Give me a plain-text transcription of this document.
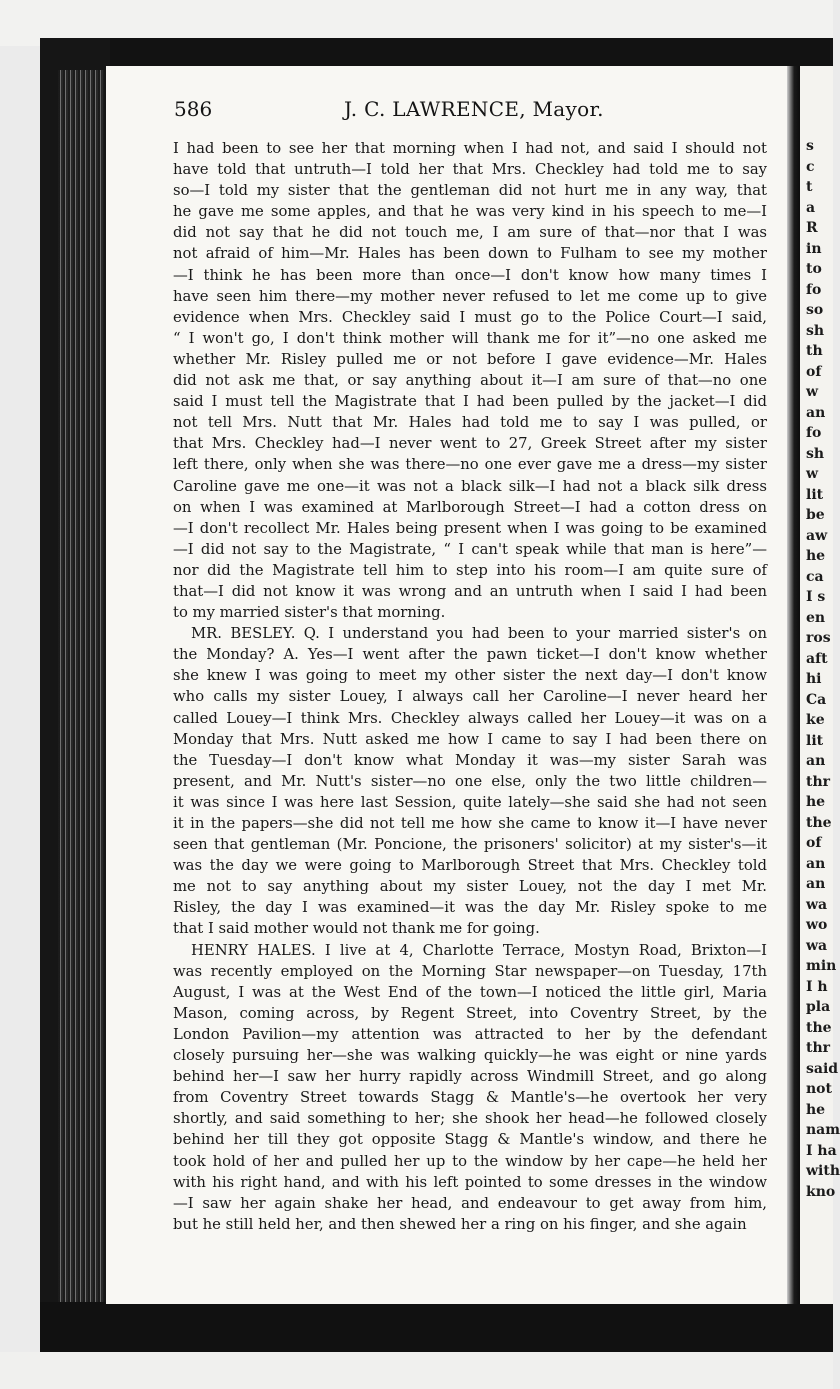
s
c
t
a
R
in
to
fo
so
sh
th
of
w
an
fo
sh
w
lit
be
aw
he
ca
I s
en
ros
aft
hi
Ca
ke
lit
an
thr
he
the
of
an
an
wa
wo
wa
min
I h
pla
the
thr
said
not
he
nam
I ha
with
kno
586	J. C. LAWRENCE, Mayor.
I had been to see her that morning when I had not, and said I should not
have told that untruth—I told her that Mrs. Checkley had told me to say
so—I told my sister that the gentleman did not hurt me in any way, that
he gave me some apples, and that he was very kind in his speech to me—I
did not say that he did not touch me, I am sure of that—nor that I was
not afraid of him—Mr. Hales has been down to Fulham to see my mother
—I think he has been more than once—I don't know how many times I
have seen him there—my mother never refused to let me come up to give
evidence when Mrs. Checkley said I must go to the Police Court—I said,
“ I won't go, I don't think mother will thank me for it”—no one asked me
whether Mr. Risley pulled me or not before I gave evidence—Mr. Hales
did not ask me that, or say anything about it—I am sure of that—no one
said I must tell the Magistrate that I had been pulled by the jacket—I did
not tell Mrs. Nutt that Mr. Hales had told me to say I was pulled, or
that Mrs. Checkley had—I never went to 27, Greek Street after my sister
left there, only when she was there—no one ever gave me a dress—my sister
Caroline gave me one—it was not a black silk—I had not a black silk dress
on when I was examined at Marlborough Street—I had a cotton dress on
—I don't recollect Mr. Hales being present when I was going to be examined
—I did not say to the Magistrate, “ I can't speak while that man is here”—
nor did the Magistrate tell him to step into his room—I am quite sure of
that—I did not know it was wrong and an untruth when I said I had been
to my married sister's that morning.
MR. BESLEY. Q. I understand you had been to your married sister's on
the Monday? A. Yes—I went after the pawn ticket—I don't know whether
she knew I was going to meet my other sister the next day—I don't know
who calls my sister Louey, I always call her Caroline—I never heard her
called Louey—I think Mrs. Checkley always called her Louey—it was on a
Monday that Mrs. Nutt asked me how I came to say I had been there on
the Tuesday—I don't know what Monday it was—my sister Sarah was
present, and Mr. Nutt's sister—no one else, only the two little children—
it was since I was here last Session, quite lately—she said she had not seen
it in the papers—she did not tell me how she came to know it—I have never
seen that gentleman (Mr. Poncione, the prisoners' solicitor) at my sister's—it
was the day we were going to Marlborough Street that Mrs. Checkley told
me not to say anything about my sister Louey, not the day I met Mr.
Risley, the day I was examined—it was the day Mr. Risley spoke to me
that I said mother would not thank me for going.
HENRY HALES. I live at 4, Charlotte Terrace, Mostyn Road, Brixton—I
was recently employed on the Morning Star newspaper—on Tuesday, 17th
August, I was at the West End of the town—I noticed the little girl, Maria
Mason, coming across, by Regent Street, into Coventry Street, by the
London Pavilion—my attention was attracted to her by the defendant
closely pursuing her—she was walking quickly—he was eight or nine yards
behind her—I saw her hurry rapidly across Windmill Street, and go along
from Coventry Street towards Stagg & Mantle's—he overtook her very
shortly, and said something to her; she shook her head—he followed closely
behind her till they got opposite Stagg & Mantle's window, and there he
took hold of her and pulled her up to the window by her cape—he held her
with his right hand, and with his left pointed to some dresses in the window
—I saw her again shake her head, and endeavour to get away from him,
but he still held her, and then shewed her a ring on his finger, and she again
